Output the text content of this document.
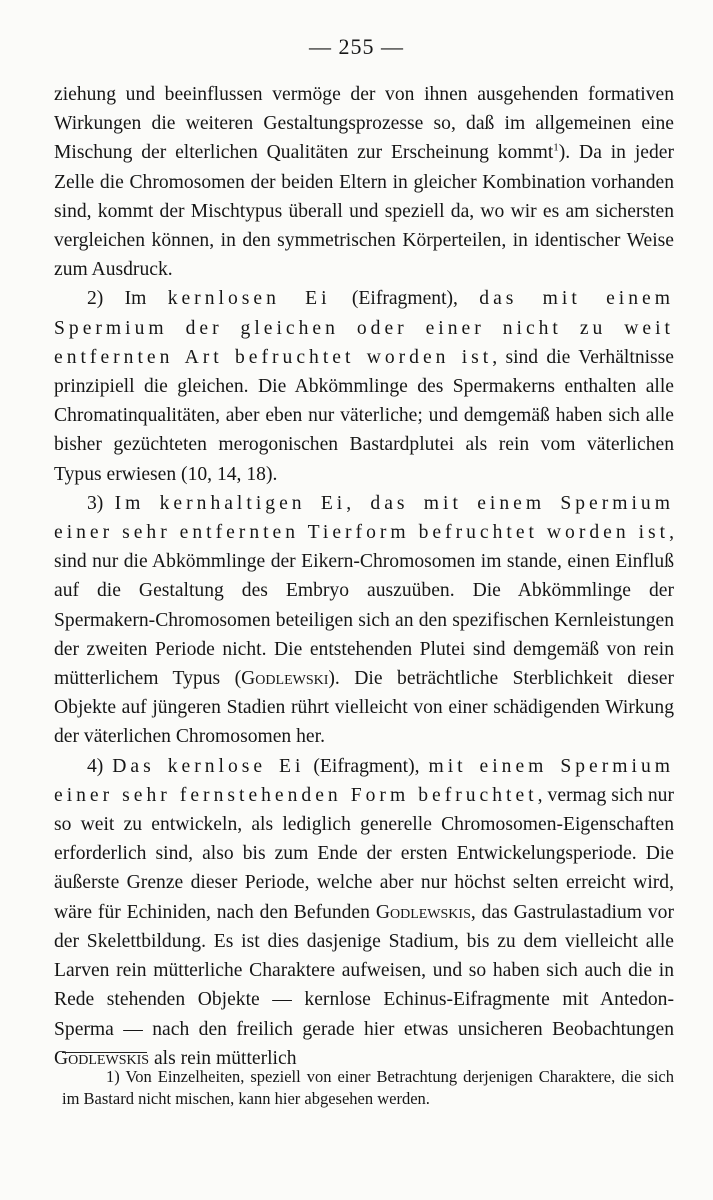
— 255 —

ziehung und beeinflussen vermöge der von ihnen ausgehenden formativen Wirkungen die weiteren Gestaltungsprozesse so, daß im allgemeinen eine Mischung der elterlichen Qualitäten zur Erscheinung kommt$^1$). Da in jeder Zelle die Chromosomen der beiden Eltern in gleicher Kombination vorhanden sind, kommt der Mischtypus überall und speziell da, wo wir es am sichersten vergleichen können, in den symmetrischen Körperteilen, in identischer Weise zum Ausdruck.

2) Im kernlosen Ei (Eifragment), das mit einem Spermium der gleichen oder einer nicht zu weit entfernten Art befruchtet worden ist, sind die Verhältnisse prinzipiell die gleichen. Die Abkömmlinge des Spermakerns enthalten alle Chromatinqualitäten, aber eben nur väterliche; und demgemäß haben sich alle bisher gezüchteten merogonischen Bastardplutei als rein vom väterlichen Typus erwiesen (10, 14, 18).

3) Im kernhaltigen Ei, das mit einem Spermium einer sehr entfernten Tierform befruchtet worden ist, sind nur die Abkömmlinge der Eikern-Chromosomen im stande, einen Einfluß auf die Gestaltung des Embryo auszuüben. Die Abkömmlinge der Spermakern-Chromosomen beteiligen sich an den spezifischen Kernleistungen der zweiten Periode nicht. Die entstehenden Plutei sind demgemäß von rein mütterlichem Typus (Godlewski). Die beträchtliche Sterblichkeit dieser Objekte auf jüngeren Stadien rührt vielleicht von einer schädigenden Wirkung der väterlichen Chromosomen her.

4) Das kernlose Ei (Eifragment), mit einem Spermium einer sehr fernstehenden Form befruchtet, vermag sich nur so weit zu entwickeln, als lediglich generelle Chromosomen-Eigenschaften erforderlich sind, also bis zum Ende der ersten Entwickelungsperiode. Die äußerste Grenze dieser Periode, welche aber nur höchst selten erreicht wird, wäre für Echiniden, nach den Befunden Godlewskis, das Gastrulastadium vor der Skelettbildung. Es ist dies dasjenige Stadium, bis zu dem vielleicht alle Larven rein mütterliche Charaktere aufweisen, und so haben sich auch die in Rede stehenden Objekte — kernlose Echinus-Eifragmente mit Antedon-Sperma — nach den freilich gerade hier etwas unsicheren Beobachtungen Godlewskis als rein mütterlich

1) Von Einzelheiten, speziell von einer Betrachtung derjenigen Charaktere, die sich im Bastard nicht mischen, kann hier abgesehen werden.
